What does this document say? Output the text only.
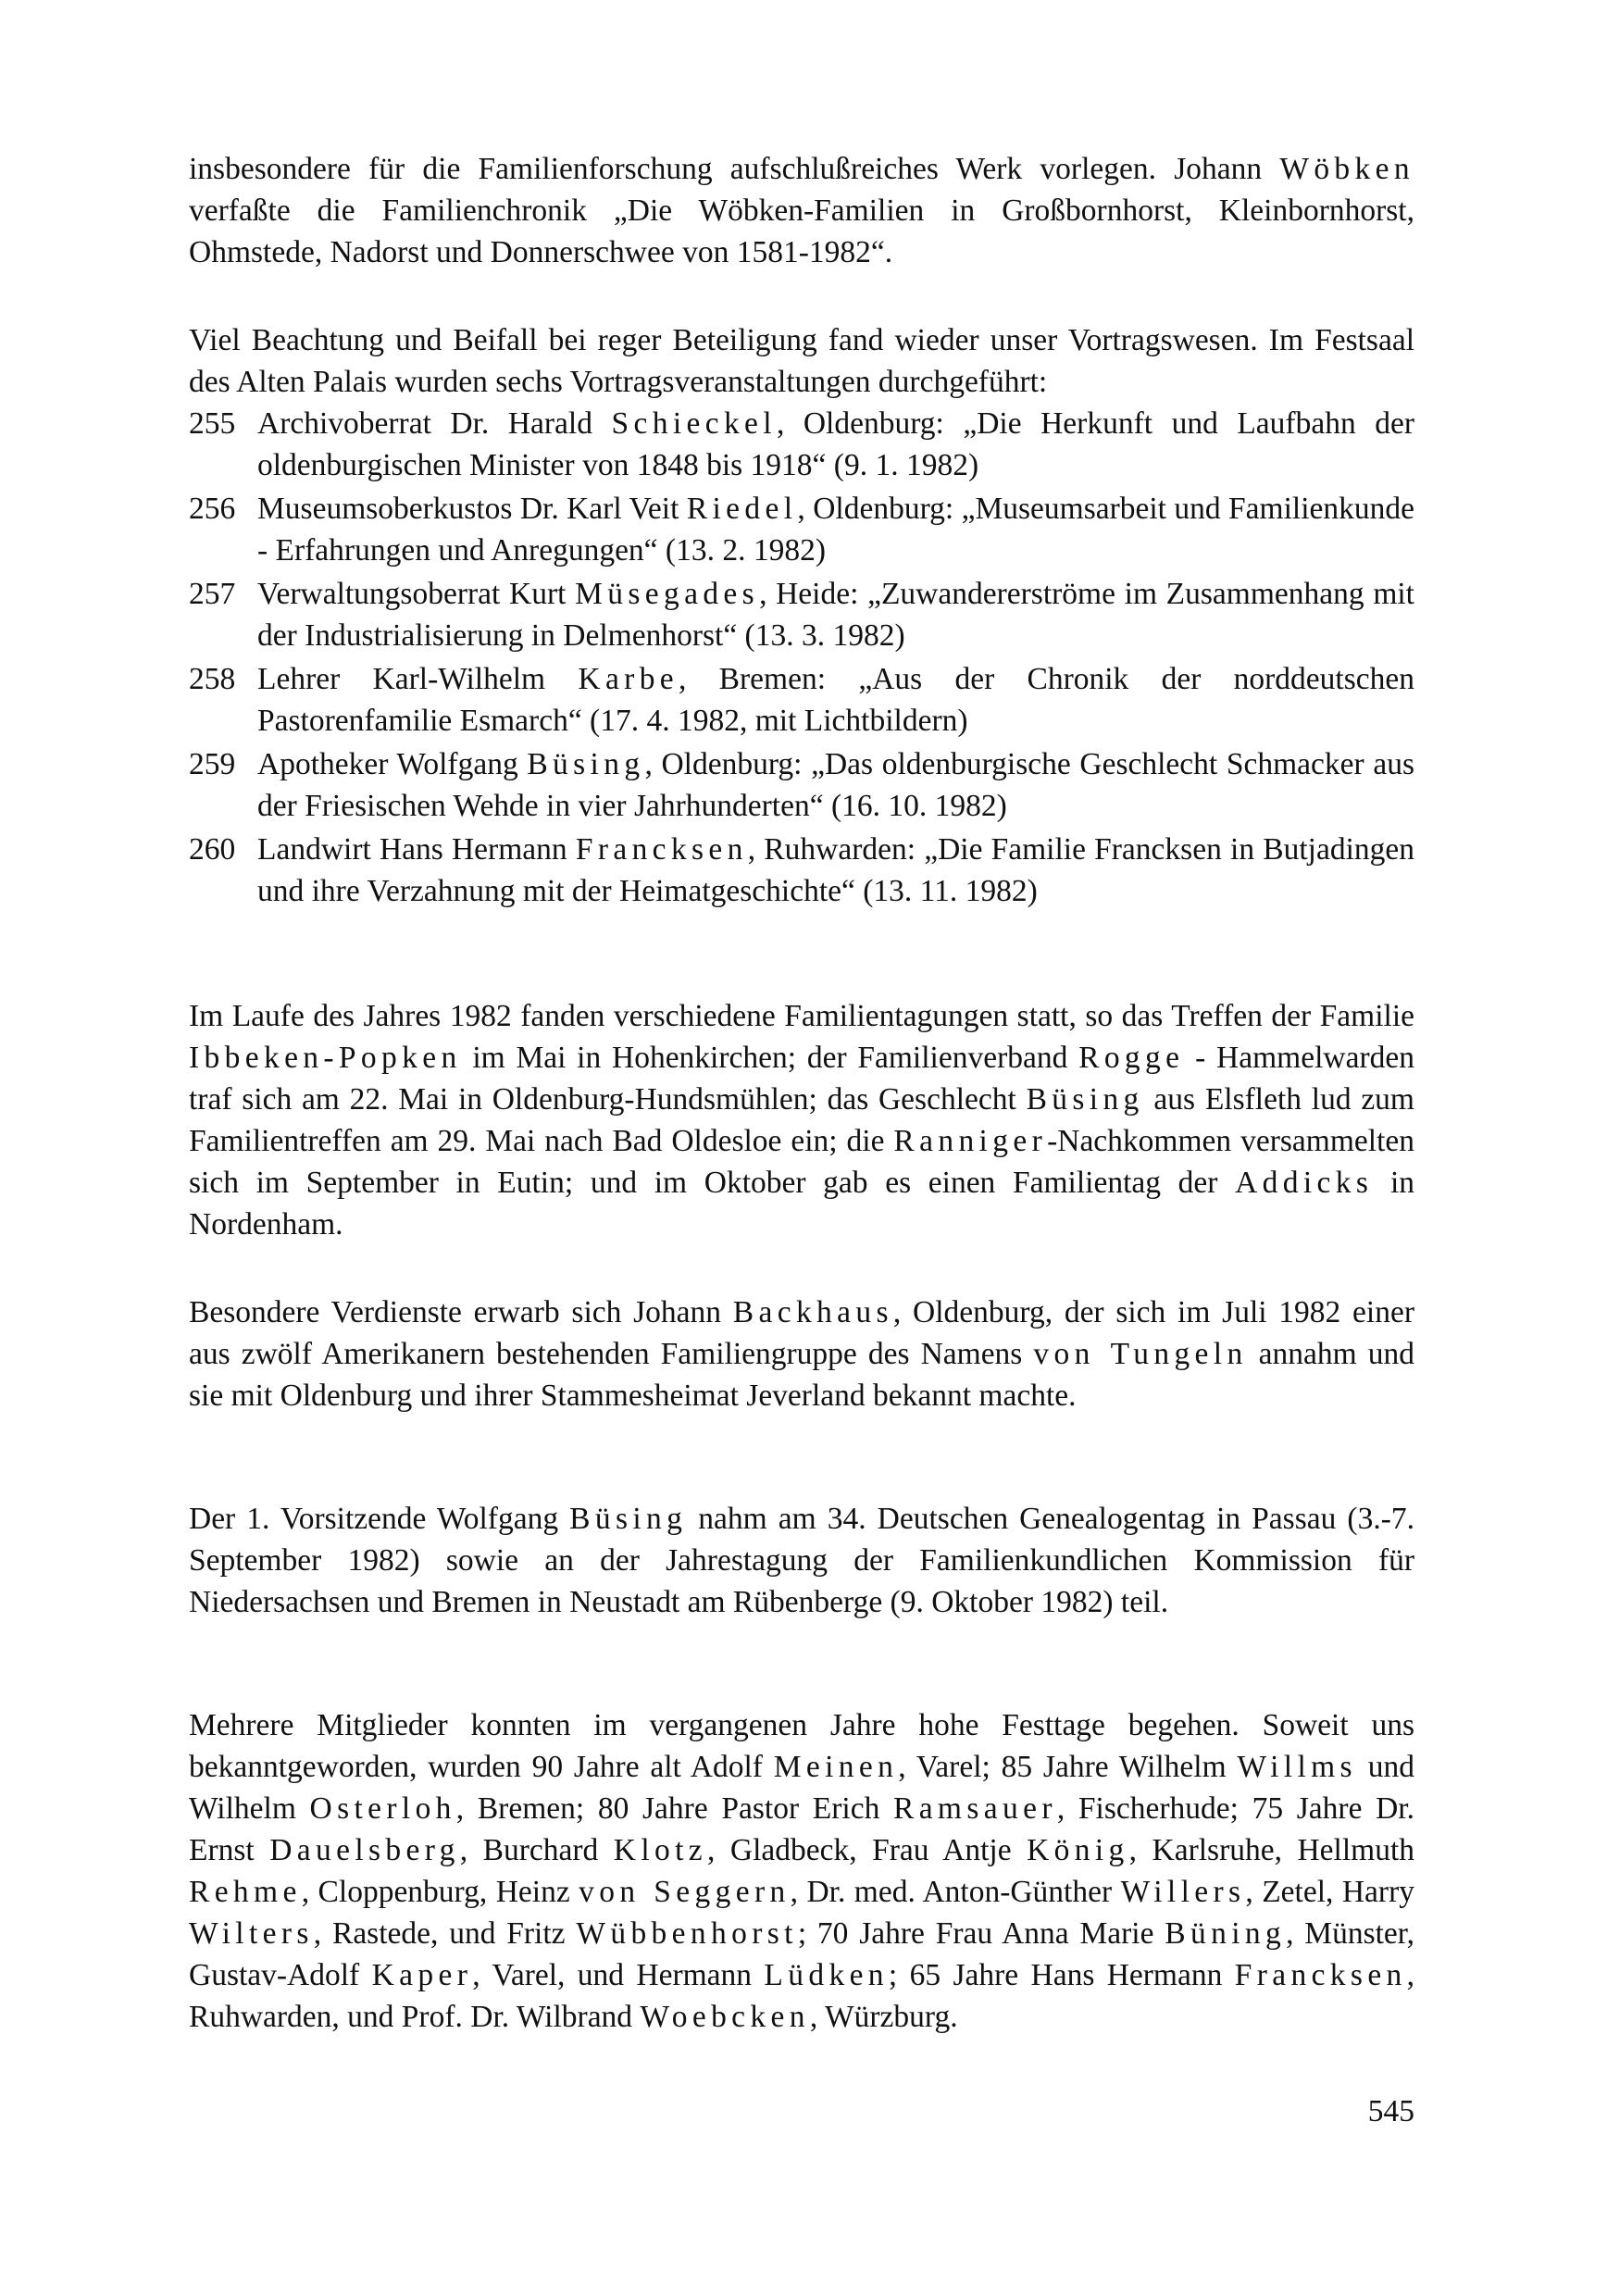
insbesondere für die Familienforschung aufschlußreiches Werk vorlegen. Johann Wöbken verfaßte die Familienchronik „Die Wöbken-Familien in Großbornhorst, Kleinbornhorst, Ohmstede, Nadorst und Donnerschwee von 1581-1982“.

Viel Beachtung und Beifall bei reger Beteiligung fand wieder unser Vortragswesen. Im Festsaal des Alten Palais wurden sechs Vortragsveranstaltungen durchgeführt:

255 Archivoberrat Dr. Harald Schieckel, Oldenburg: „Die Herkunft und Laufbahn der oldenburgischen Minister von 1848 bis 1918“ (9. 1. 1982)
256 Museumsoberkustos Dr. Karl Veit Riedel, Oldenburg: „Museumsarbeit und Familienkunde - Erfahrungen und Anregungen“ (13. 2. 1982)
257 Verwaltungsoberrat Kurt Müsegades, Heide: „Zuwandererströme im Zusammenhang mit der Industrialisierung in Delmenhorst“ (13. 3. 1982)
258 Lehrer Karl-Wilhelm Karbe, Bremen: „Aus der Chronik der norddeutschen Pastorenfamilie Esmarch“ (17. 4. 1982, mit Lichtbildern)
259 Apotheker Wolfgang Büsing, Oldenburg: „Das oldenburgische Geschlecht Schmacker aus der Friesischen Wehde in vier Jahrhunderten“ (16. 10. 1982)
260 Landwirt Hans Hermann Francksen, Ruhwarden: „Die Familie Francksen in Butjadingen und ihre Verzahnung mit der Heimatgeschichte“ (13. 11. 1982)

Im Laufe des Jahres 1982 fanden verschiedene Familientagungen statt, so das Treffen der Familie Ibbeken-Popken im Mai in Hohenkirchen; der Familienverband Rogge - Hammelwarden traf sich am 22. Mai in Oldenburg-Hundsmühlen; das Geschlecht Büsing aus Elsfleth lud zum Familientreffen am 29. Mai nach Bad Oldesloe ein; die Ranniger-Nachkommen versammelten sich im September in Eutin; und im Oktober gab es einen Familientag der Addicks in Nordenham.

Besondere Verdienste erwarb sich Johann Backhaus, Oldenburg, der sich im Juli 1982 einer aus zwölf Amerikanern bestehenden Familiengruppe des Namens von Tungeln annahm und sie mit Oldenburg und ihrer Stammesheimat Jeverland bekannt machte.

Der 1. Vorsitzende Wolfgang Büsing nahm am 34. Deutschen Genealogentag in Passau (3.-7. September 1982) sowie an der Jahrestagung der Familienkundlichen Kommission für Niedersachsen und Bremen in Neustadt am Rübenberge (9. Oktober 1982) teil.

Mehrere Mitglieder konnten im vergangenen Jahre hohe Festtage begehen. Soweit uns bekanntgeworden, wurden 90 Jahre alt Adolf Meinen, Varel; 85 Jahre Wilhelm Willms und Wilhelm Osterloh, Bremen; 80 Jahre Pastor Erich Ramsauer, Fischerhude; 75 Jahre Dr. Ernst Dauelsberg, Burchard Klotz, Gladbeck, Frau Antje König, Karlsruhe, Hellmuth Rehme, Cloppenburg, Heinz von Seggern, Dr. med. Anton-Günther Willers, Zetel, Harry Wilters, Rastede, und Fritz Wübbenhorst; 70 Jahre Frau Anna Marie Büning, Münster, Gustav-Adolf Kaper, Varel, und Hermann Lüdken; 65 Jahre Hans Hermann Francksen, Ruhwarden, und Prof. Dr. Wilbrand Woebcken, Würzburg.

545
